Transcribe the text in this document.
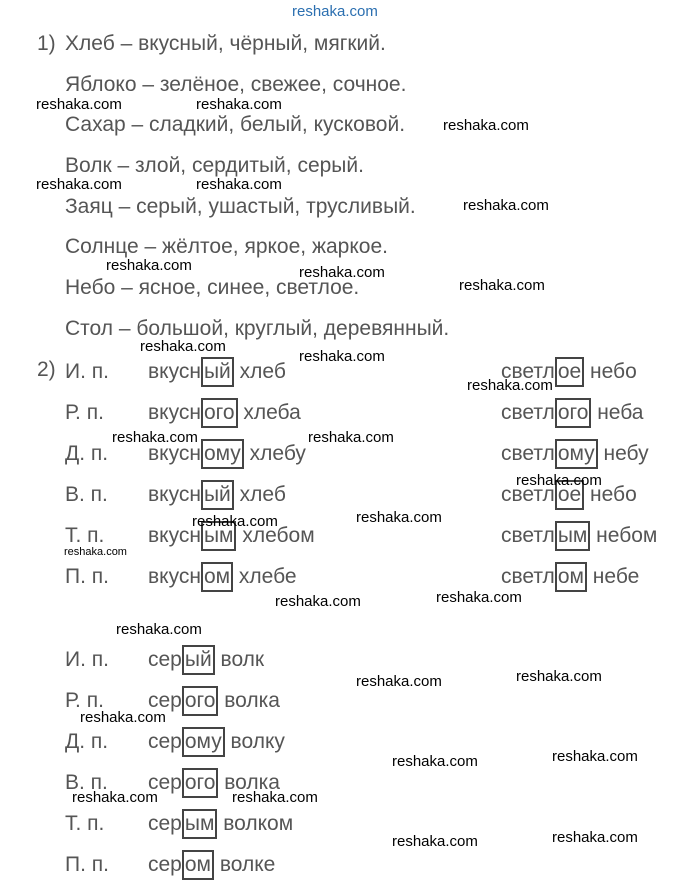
reshaka.com
1) Хлеб – вкусный, чёрный, мягкий.
Яблоко – зелёное, свежее, сочное.
Сахар – сладкий, белый, кусковой.
Волк – злой, сердитый, серый.
Заяц – серый, ушастый, трусливый.
Солнце – жёлтое, яркое, жаркое.
Небо – ясное, синее, светлое.
Стол – большой, круглый, деревянный.
2) И. п. вкусн ый хлеб	светл ое небо
Р. п. вкусн ого хлеба	светл ого неба
Д. п. вкусн ому хлебу	светл ому небу
В. п. вкусн ый хлеб	светл ое небо
Т. п. вкусн ым хлебом	светл ым небом
П. п. вкусн ом хлебе	светл ом небе
И. п. сер ый волк
Р. п. сер ого волка
Д. п. сер ому волку
В. п. сер ого волка
Т. п. сер ым волком
П. п. сер ом волке
reshaka.com	reshaka.com
reshaka.com
reshaka.com	reshaka.com
reshaka.com
reshaka.com	reshaka.com
reshaka.com
reshaka.com
reshaka.com
reshaka.com
reshaka.com	reshaka.com
reshaka.com
reshaka.com	reshaka.com
reshaka.com
reshaka.com	reshaka.com
reshaka.com
reshaka.com	reshaka.com
reshaka.com
reshaka.com	reshaka.com
reshaka.com	reshaka.com
reshaka.com	reshaka.com
